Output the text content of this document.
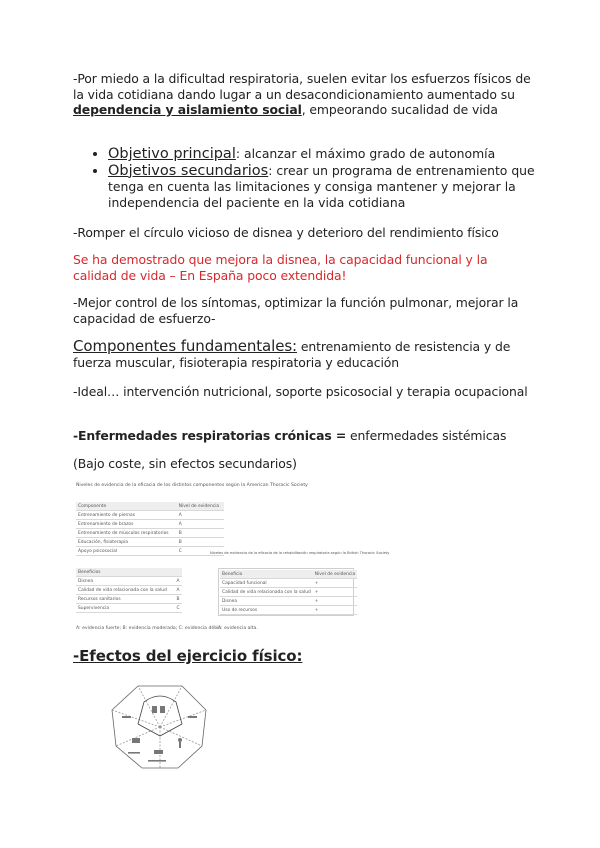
-Por miedo a la dificultad respiratoria, suelen evitar los esfuerzos físicos de la vida cotidiana dando lugar a un desacondicionamiento aumentado su dependencia y aislamiento social, empeorando sucalidad de vida
• Objetivo principal: alcanzar el máximo grado de autonomía
• Objetivos secundarios: crear un programa de entrenamiento que tenga en cuenta las limitaciones y consiga mantener y mejorar la independencia del paciente en la vida cotidiana
-Romper el círculo vicioso de disnea y deterioro del rendimiento físico
Se ha demostrado que mejora la disnea, la capacidad funcional y la calidad de vida – En España poco extendida!
-Mejor control de los síntomas, optimizar la función pulmonar, mejorar la capacidad de esfuerzo-
Componentes fundamentales: entrenamiento de resistencia y de fuerza muscular, fisioterapia respiratoria y educación
-Ideal… intervención nutricional, soporte psicosocial y terapia ocupacional
-Enfermedades respiratorias crónicas = enfermedades sistémicas
(Bajo coste, sin efectos secundarios)
Niveles de evidencia de la eficacia de los distintos componentes según la American Thoracic Society
Componente	Nivel de evidencia
Entrenamiento de piernas	A
Entrenamiento de brazos	A
Entrenamiento de músculos respiratorios	B
Educación, fisioterapia	B
Apoyo psicosocial	C	Niveles de evidencia de la eficacia de la rehabilitación respiratoria según la British Thoracic Society
Beneficios	
Disnea	A
Calidad de vida relacionada con la salud	A
Recursos sanitarios	B
Supervivencia	C
Beneficio	Nivel de evidencia
Capacidad funcional	+
Calidad de vida relacionada con la salud	+
Disnea	+
Uso de recursos	+
A: evidencia fuerte; B: evidencia moderada; C: evidencia débil.
A: evidencia alta.
-Efectos del ejercicio físico:
